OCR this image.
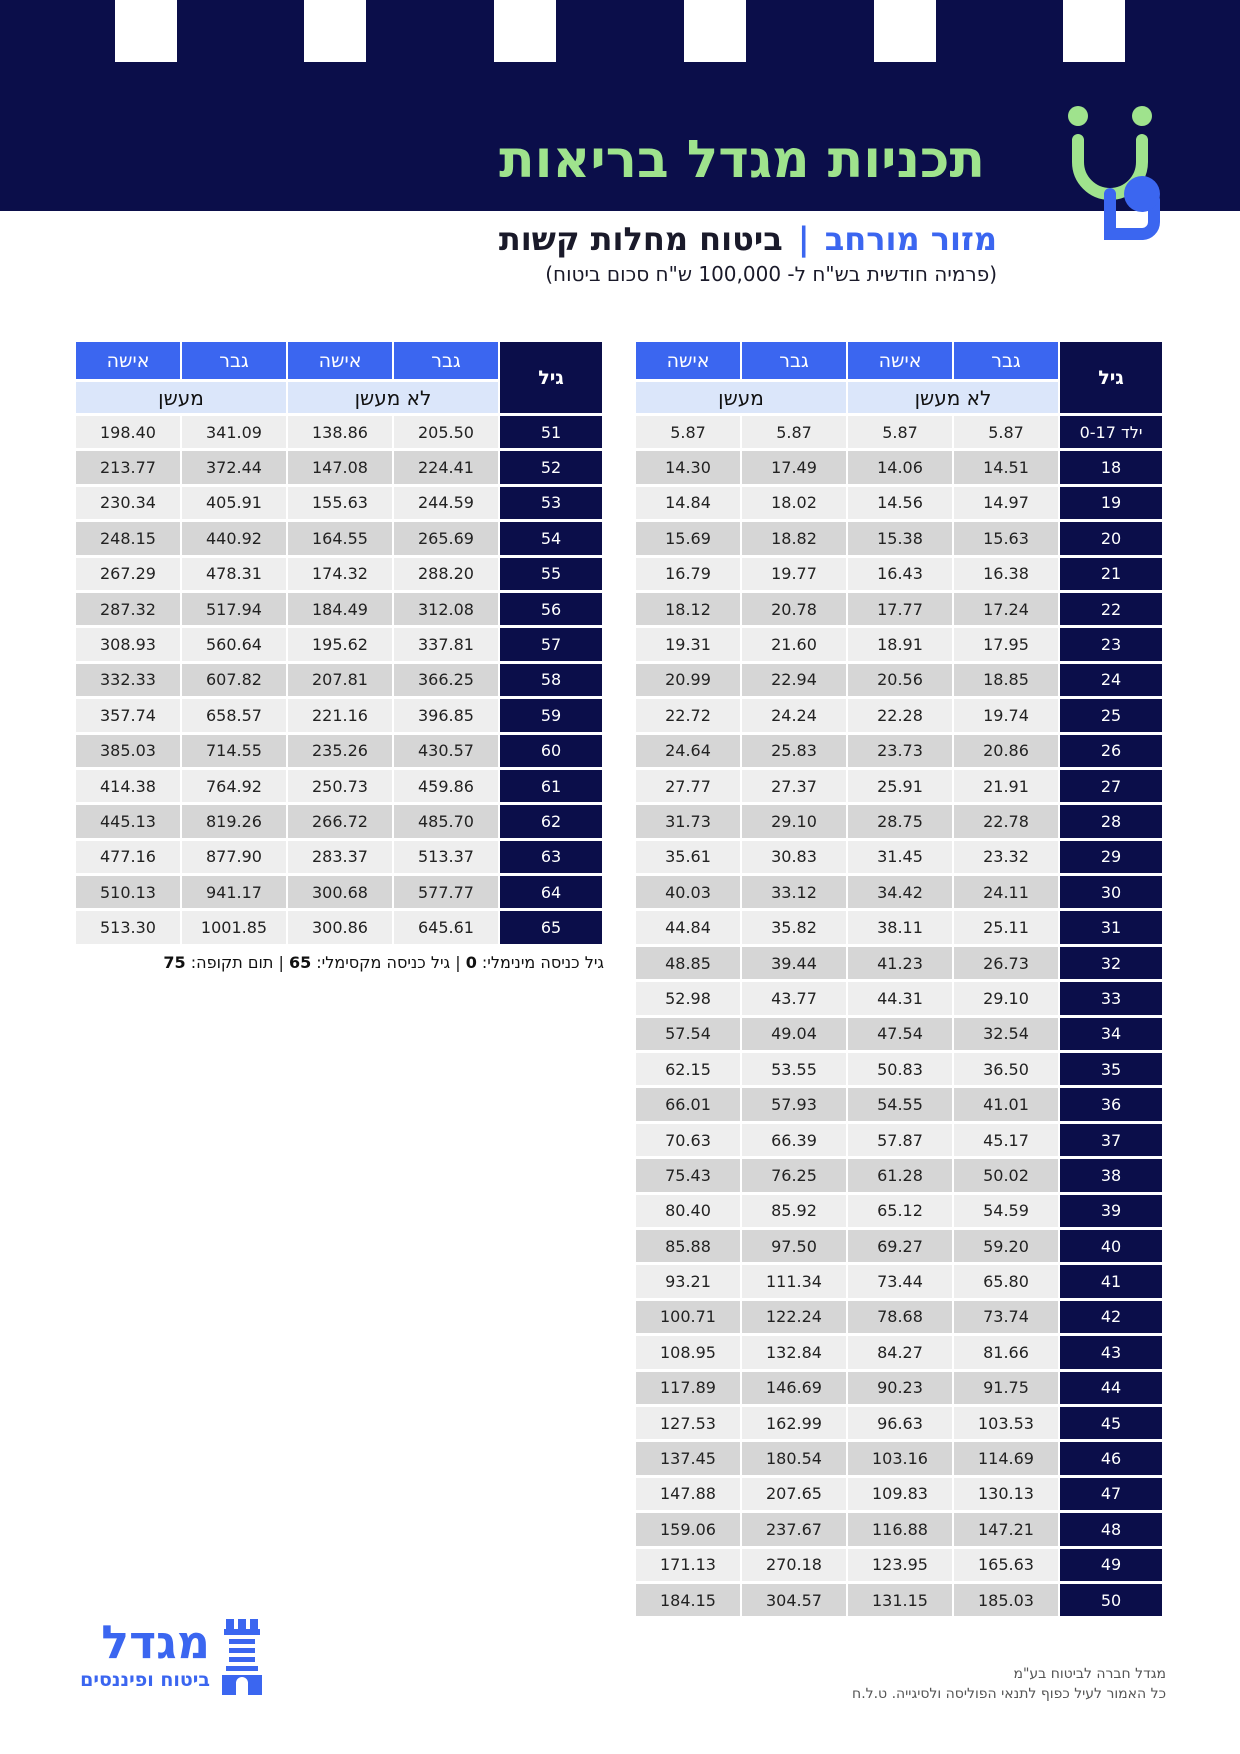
תכניות מגדל בריאות
מזור מורחב | ביטוח מחלות קשות
(פרמיה חודשית בש"ח ל- 100,000 ש"ח סכום ביטוח)
גיל	גבר	אישה	גבר	אישה
	לא מעשן		מעשן	
ילד 0-17	5.87	5.87	5.87	5.87
18	14.51	14.06	17.49	14.30
19	14.97	14.56	18.02	14.84
20	15.63	15.38	18.82	15.69
21	16.38	16.43	19.77	16.79
22	17.24	17.77	20.78	18.12
23	17.95	18.91	21.60	19.31
24	18.85	20.56	22.94	20.99
25	19.74	22.28	24.24	22.72
26	20.86	23.73	25.83	24.64
27	21.91	25.91	27.37	27.77
28	22.78	28.75	29.10	31.73
29	23.32	31.45	30.83	35.61
30	24.11	34.42	33.12	40.03
31	25.11	38.11	35.82	44.84
32	26.73	41.23	39.44	48.85
33	29.10	44.31	43.77	52.98
34	32.54	47.54	49.04	57.54
35	36.50	50.83	53.55	62.15
36	41.01	54.55	57.93	66.01
37	45.17	57.87	66.39	70.63
38	50.02	61.28	76.25	75.43
39	54.59	65.12	85.92	80.40
40	59.20	69.27	97.50	85.88
41	65.80	73.44	111.34	93.21
42	73.74	78.68	122.24	100.71
43	81.66	84.27	132.84	108.95
44	91.75	90.23	146.69	117.89
45	103.53	96.63	162.99	127.53
46	114.69	103.16	180.54	137.45
47	130.13	109.83	207.65	147.88
48	147.21	116.88	237.67	159.06
49	165.63	123.95	270.18	171.13
50	185.03	131.15	304.57	184.15
גיל	גבר	אישה	גבר	אישה
	לא מעשן		מעשן	
51	205.50	138.86	341.09	198.40
52	224.41	147.08	372.44	213.77
53	244.59	155.63	405.91	230.34
54	265.69	164.55	440.92	248.15
55	288.20	174.32	478.31	267.29
56	312.08	184.49	517.94	287.32
57	337.81	195.62	560.64	308.93
58	366.25	207.81	607.82	332.33
59	396.85	221.16	658.57	357.74
60	430.57	235.26	714.55	385.03
61	459.86	250.73	764.92	414.38
62	485.70	266.72	819.26	445.13
63	513.37	283.37	877.90	477.16
64	577.77	300.68	941.17	510.13
65	645.61	300.86	1001.85	513.30
גיל כניסה מינימלי: 0 | גיל כניסה מקסימלי: 65 | תום תקופה: 75
מגדל חברה לביטוח בע"מ
כל האמור לעיל כפוף לתנאי הפוליסה ולסיגייה. ט.ל.ח
מגדל
ביטוח ופיננסים
